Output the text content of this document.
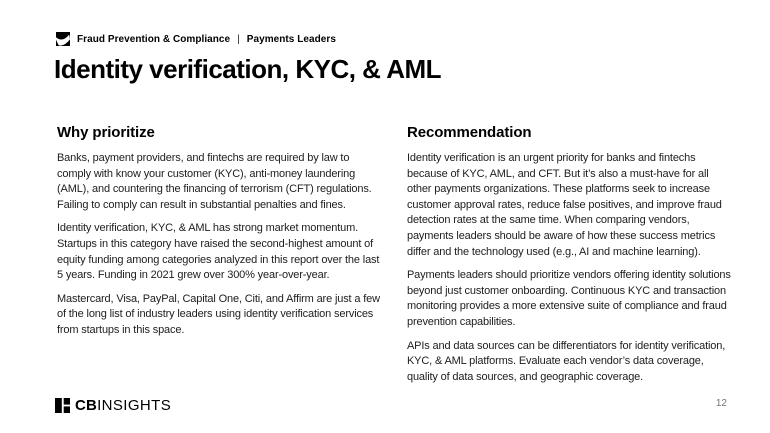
Fraud Prevention & Compliance | Payments Leaders
Identity verification, KYC, & AML
Why prioritize

Banks, payment providers, and fintechs are required by law to comply with know your customer (KYC), anti-money laundering (AML), and countering the financing of terrorism (CFT) regulations. Failing to comply can result in substantial penalties and fines.

Identity verification, KYC, & AML has strong market momentum. Startups in this category have raised the second-highest amount of equity funding among categories analyzed in this report over the last 5 years. Funding in 2021 grew over 300% year-over-year.

Mastercard, Visa, PayPal, Capital One, Citi, and Affirm are just a few of the long list of industry leaders using identity verification services from startups in this space.

Recommendation

Identity verification is an urgent priority for banks and fintechs because of KYC, AML, and CFT. But it’s also a must-have for all other payments organizations. These platforms seek to increase customer approval rates, reduce false positives, and improve fraud detection rates at the same time. When comparing vendors, payments leaders should be aware of how these success metrics differ and the technology used (e.g., AI and machine learning).

Payments leaders should prioritize vendors offering identity solutions beyond just customer onboarding. Continuous KYC and transaction monitoring provides a more extensive suite of compliance and fraud prevention capabilities.

APIs and data sources can be differentiators for identity verification, KYC, & AML platforms. Evaluate each vendor’s data coverage, quality of data sources, and geographic coverage.

CB INSIGHTS	12
